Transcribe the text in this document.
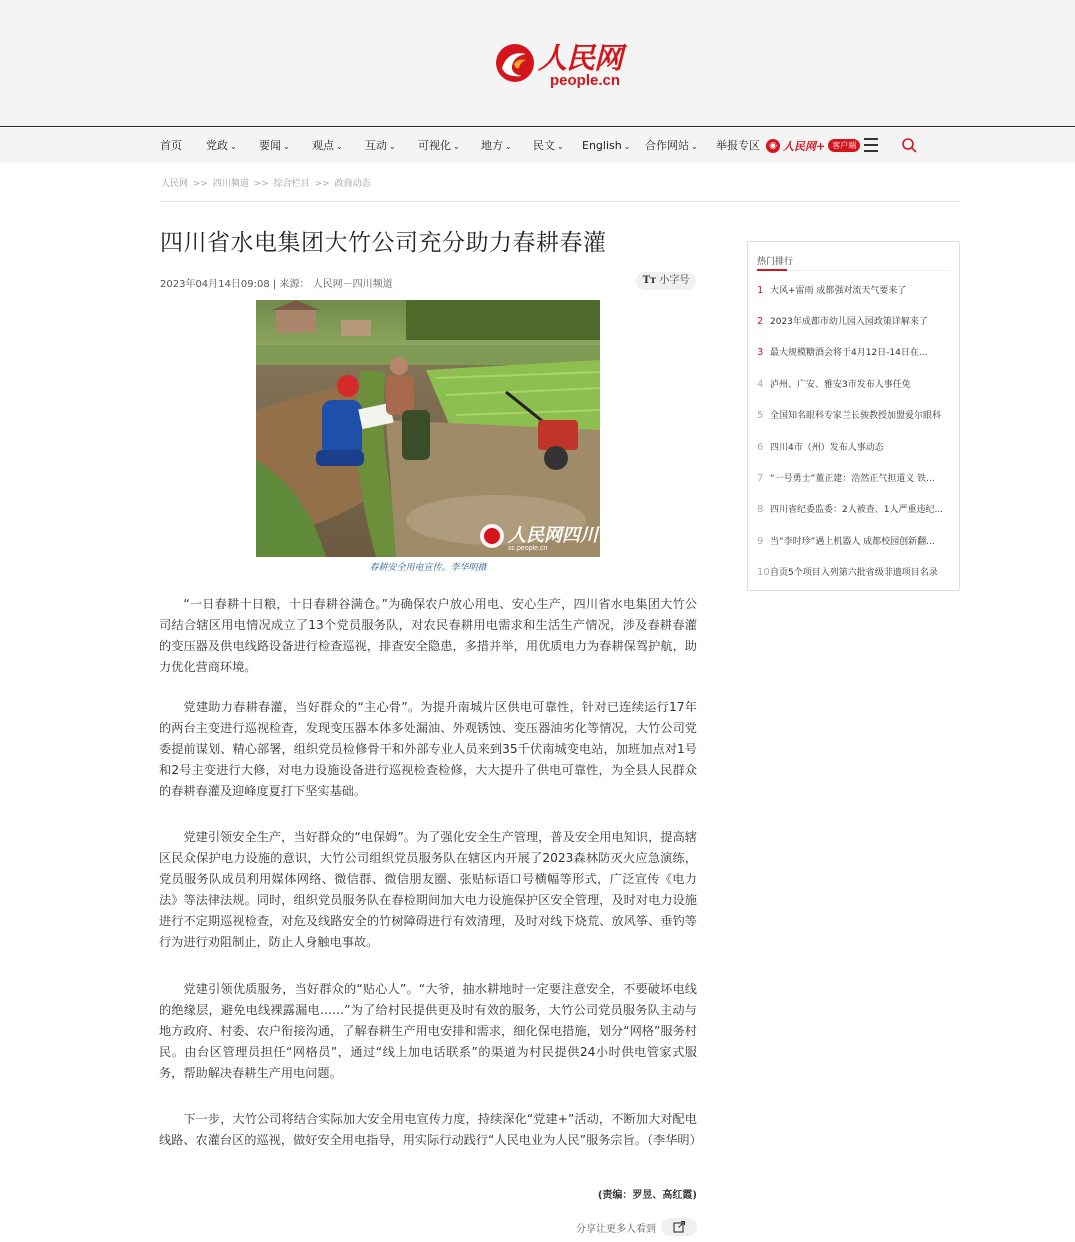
人民网
people.cn
首页 党政 ⌄ 要闻 ⌄ 观点 ⌄ 互动 ⌄ 可视化 ⌄ 地方 ⌄ 民文 ⌄ English ⌄ 合作网站 ⌄ 举报专区	◉ 人民网+ 客户端
人民网 >> 四川频道 >> 综合栏目 >> 政商动态
四川省水电集团大竹公司充分助力春耕春灌
2023年04月14日09:08 | 来源： 人民网－四川频道	Tт 小字号
人民网四川
sc.people.cn
春耕安全用电宣传。李华明摄

“一日春耕十日粮，十日春耕谷满仓。”为确保农户放心用电、安心生产，四川省水电集团大竹公司结合辖区用电情况成立了13个党员服务队，对农民春耕用电需求和生活生产情况，涉及春耕春灌的变压器及供电线路设备进行检查巡视，排查安全隐患，多措并举，用优质电力为春耕保驾护航，助力优化营商环境。

党建助力春耕春灌，当好群众的“主心骨”。为提升南城片区供电可靠性，针对已连续运行17年的两台主变进行巡视检查，发现变压器本体多处漏油、外观锈蚀、变压器油劣化等情况，大竹公司党委提前谋划、精心部署，组织党员检修骨干和外部专业人员来到35千伏南城变电站，加班加点对1号和2号主变进行大修，对电力设施设备进行巡视检查检修，大大提升了供电可靠性，为全县人民群众的春耕春灌及迎峰度夏打下坚实基础。

党建引领安全生产，当好群众的“电保姆”。为了强化安全生产管理，普及安全用电知识，提高辖区民众保护电力设施的意识，大竹公司组织党员服务队在辖区内开展了2023森林防灭火应急演练，党员服务队成员利用媒体网络、微信群、微信朋友圈、张贴标语口号横幅等形式，广泛宣传《电力法》等法律法规。同时，组织党员服务队在春检期间加大电力设施保护区安全管理，及时对电力设施进行不定期巡视检查，对危及线路安全的竹树障碍进行有效清理，及时对线下烧荒、放风筝、垂钓等行为进行劝阻制止，防止人身触电事故。

党建引领优质服务，当好群众的“贴心人”。“大爷，抽水耕地时一定要注意安全，不要破坏电线的绝缘层，避免电线裸露漏电……”为了给村民提供更及时有效的服务，大竹公司党员服务队主动与地方政府、村委、农户衔接沟通，了解春耕生产用电安排和需求，细化保电措施，划分“网格”服务村民。由台区管理员担任“网格员”，通过“线上加电话联系”的渠道为村民提供24小时供电管家式服务，帮助解决春耕生产用电问题。

下一步，大竹公司将结合实际加大安全用电宣传力度，持续深化“党建+”活动，不断加大对配电线路、农灌台区的巡视，做好安全用电指导，用实际行动践行“人民电业为人民”服务宗旨。（李华明）

(责编：罗昱、高红霞)
分享让更多人看到
热门排行
1 大风+雷雨 成都强对流天气要来了
2 2023年成都市幼儿园入园政策详解来了
3 最大规模糖酒会将于4月12日-14日在...
4 泸州、广安、雅安3市发布人事任免
5 全国知名眼科专家兰长骏教授加盟爱尔眼科
6 四川4市（州）发布人事动态
7 “一号勇士”董正建：浩然正气担道义 铁...
8 四川省纪委监委：2人被查、1人严重违纪...
9 当“李时珍”遇上机器人 成都校园创新翻...
10自贡5个项目入列第六批省级非遗项目名录
